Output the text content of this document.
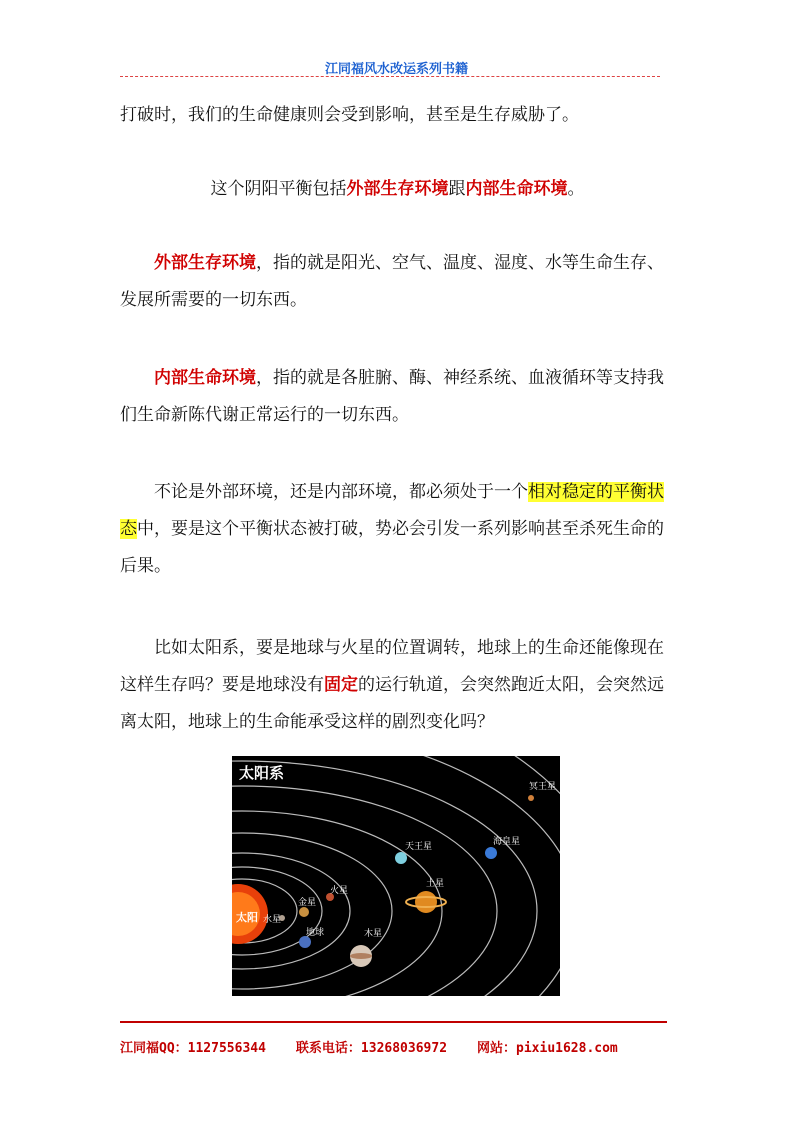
江同福风水改运系列书籍

打破时，我们的生命健康则会受到影响，甚至是生存威胁了。

这个阴阳平衡包括外部生存环境跟内部生命环境。

外部生存环境，指的就是阳光、空气、温度、湿度、水等生命生存、发展所需要的一切东西。

内部生命环境，指的就是各脏腑、酶、神经系统、血液循环等支持我们生命新陈代谢正常运行的一切东西。

不论是外部环境，还是内部环境，都必须处于一个相对稳定的平衡状态中，要是这个平衡状态被打破，势必会引发一系列影响甚至杀死生命的后果。

比如太阳系，要是地球与火星的位置调转，地球上的生命还能像现在这样生存吗？要是地球没有固定的运行轨道，会突然跑近太阳，会突然远离太阳，地球上的生命能承受这样的剧烈变化吗？

太阳系
太阳 水星
金星
地球
火星
木星
土星
天王星	海皇星
冥王星
江同福QQ：1127556344 联系电话：13268036972 网站：pixiu1628.com
